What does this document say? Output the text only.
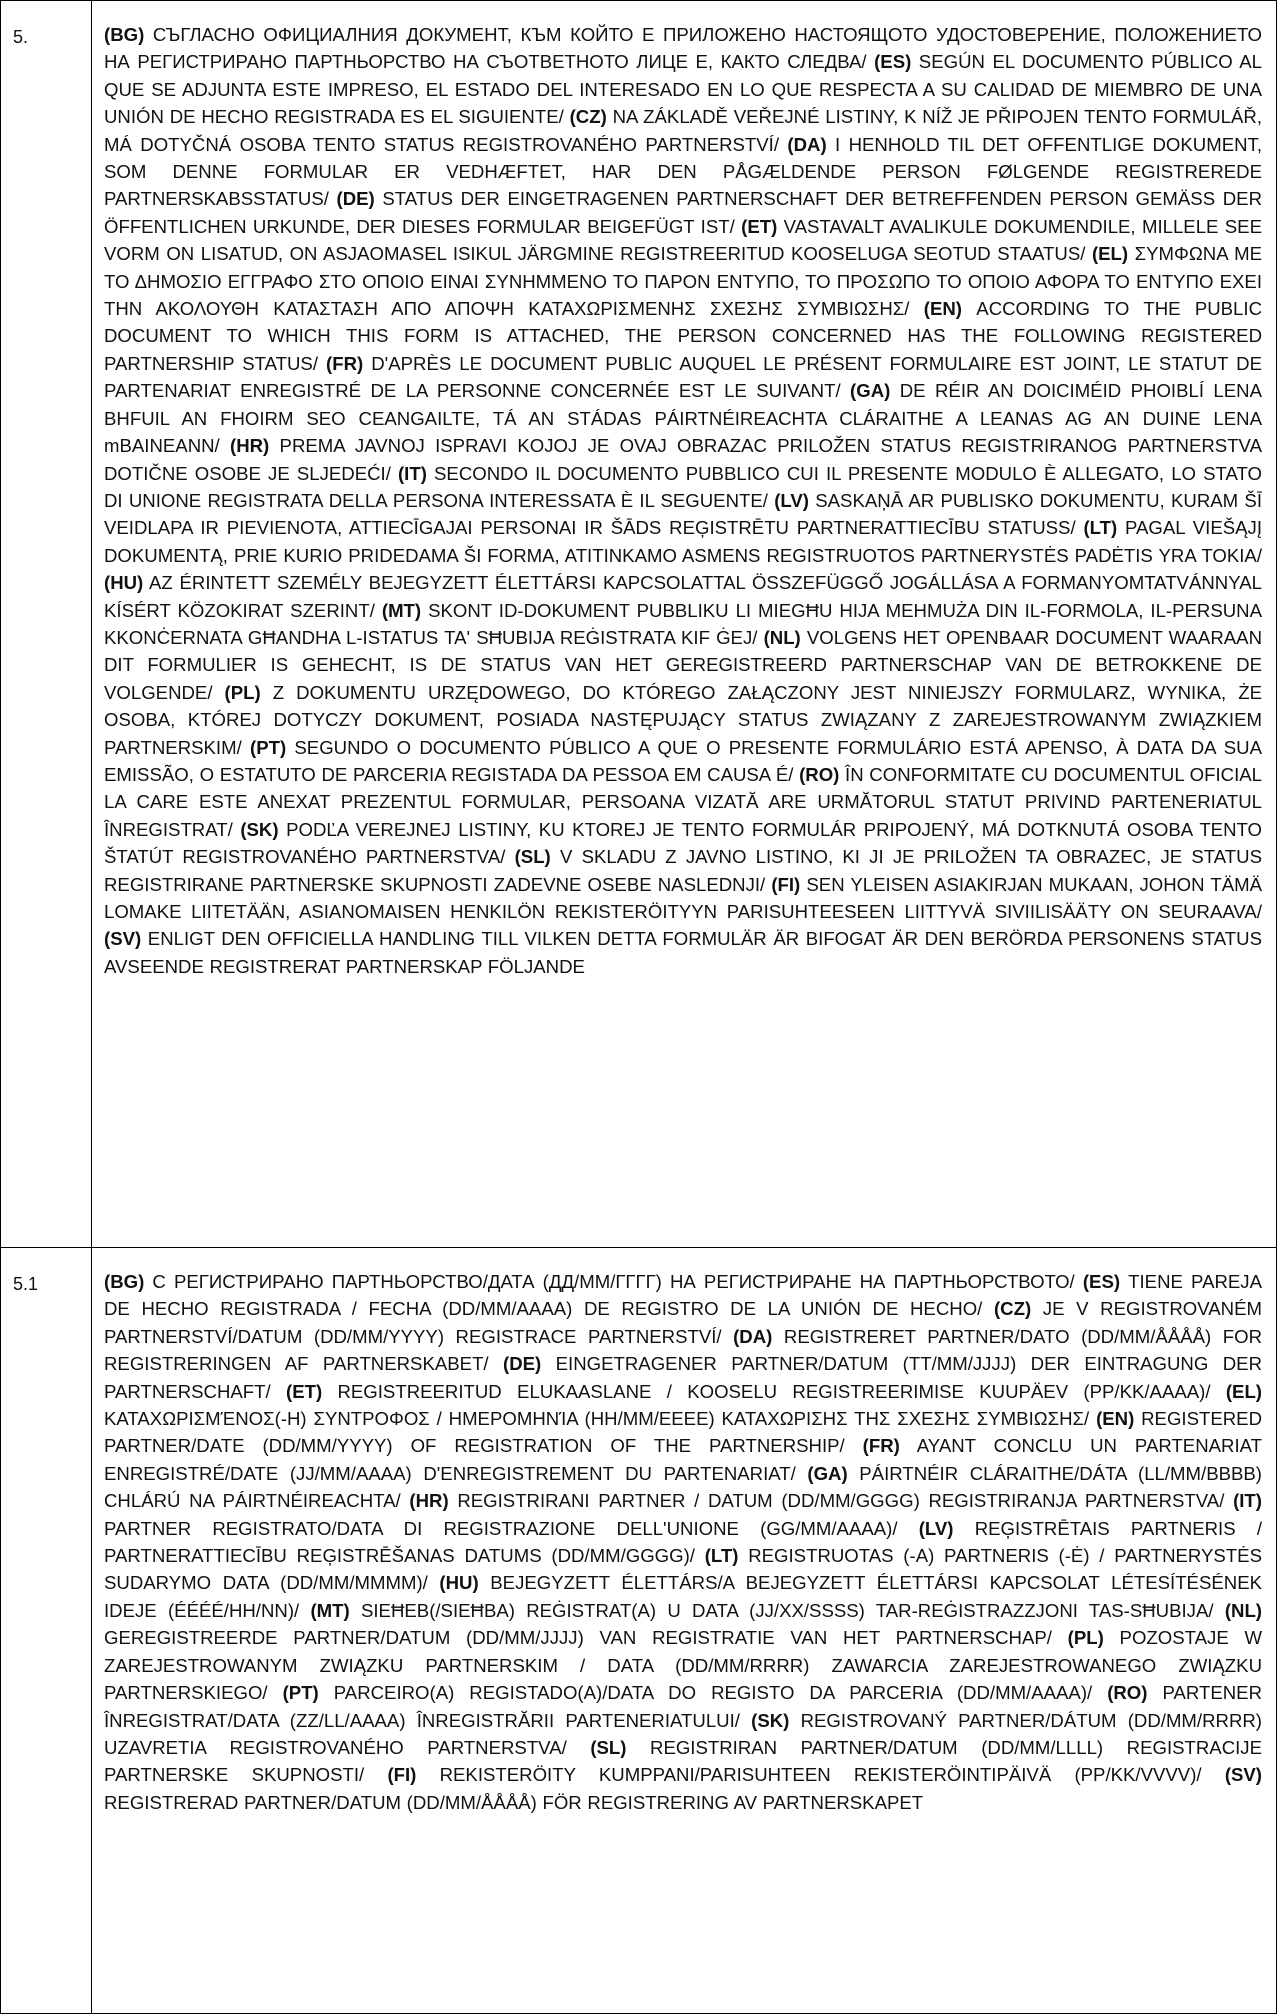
5.	(BG) СЪГЛАСНО ОФИЦИАЛНИЯ ДОКУМЕНТ, КЪМ КОЙТО Е ПРИЛОЖЕНО НАСТОЯЩОТО УДОСТОВЕРЕНИЕ, ПОЛОЖЕНИЕТО НА РЕГИСТРИРАНО ПАРТНЬОРСТВО НА СЪОТВЕТНОТО ЛИЦЕ Е, КАКТО СЛЕДВА/ (ES) SEGÚN EL DOCUMENTO PÚBLICO AL QUE SE ADJUNTA ESTE IMPRESO, EL ESTADO DEL INTERESADO EN LO QUE RESPECTA A SU CALIDAD DE MIEMBRO DE UNA UNIÓN DE HECHO REGISTRADA ES EL SIGUIENTE/ (CZ) NA ZÁKLADĚ VEŘEJNÉ LISTINY, K NÍŽ JE PŘIPOJEN TENTO FORMULÁŘ, MÁ DOTYČNÁ OSOBA TENTO STATUS REGISTROVANÉHO PARTNERSTVÍ/ (DA) I HENHOLD TIL DET OFFENTLIGE DOKUMENT, SOM DENNE FORMULAR ER VEDHÆFTET, HAR DEN PÅGÆLDENDE PERSON FØLGENDE REGISTREREDE PARTNERSKABSSTATUS/ (DE) STATUS DER EINGETRAGENEN PARTNERSCHAFT DER BETREFFENDEN PERSON GEMÄSS DER ÖFFENTLICHEN URKUNDE, DER DIESES FORMULAR BEIGEFÜGT IST/ (ET) VASTAVALT AVALIKULE DOKUMENDILE, MILLELE SEE VORM ON LISATUD, ON ASJAOMASEL ISIKUL JÄRGMINE REGISTREERITUD KOOSELUGA SEOTUD STAATUS/ (EL) ΣΥΜΦΩΝΑ ΜΕ ΤΟ ΔΗΜΟΣΙΟ ΕΓΓΡΑΦΟ ΣΤΟ ΟΠΟΙΟ ΕΙΝΑΙ ΣΥΝΗΜΜΕΝΟ ΤΟ ΠΑΡΟΝ ΕΝΤΥΠΟ, ΤΟ ΠΡΟΣΩΠΟ ΤΟ ΟΠΟΙΟ ΑΦΟΡΑ ΤΟ ΕΝΤΥΠΟ ΕΧΕΙ ΤΗΝ ΑΚΟΛΟΥΘΗ ΚΑΤΑΣΤΑΣΗ ΑΠΟ ΑΠΟΨΗ ΚΑΤΑΧΩΡΙΣΜΕΝΗΣ ΣΧΕΣΗΣ ΣΥΜΒΙΩΣΗΣ/ (EN) ACCORDING TO THE PUBLIC DOCUMENT TO WHICH THIS FORM IS ATTACHED, THE PERSON CONCERNED HAS THE FOLLOWING REGISTERED PARTNERSHIP STATUS/ (FR) D'APRÈS LE DOCUMENT PUBLIC AUQUEL LE PRÉSENT FORMULAIRE EST JOINT, LE STATUT DE PARTENARIAT ENREGISTRÉ DE LA PERSONNE CONCERNÉE EST LE SUIVANT/ (GA) DE RÉIR AN DOICIMÉID PHOIBLÍ LENA BHFUIL AN FHOIRM SEO CEANGAILTE, TÁ AN STÁDAS PÁIRTNÉIREACHTA CLÁRAITHE A LEANAS AG AN DUINE LENA mBAINEANN/ (HR) PREMA JAVNOJ ISPRAVI KOJOJ JE OVAJ OBRAZAC PRILOŽEN STATUS REGISTRIRANOG PARTNERSTVA DOTIČNE OSOBE JE SLJEDEĆI/ (IT) SECONDO IL DOCUMENTO PUBBLICO CUI IL PRESENTE MODULO È ALLEGATO, LO STATO DI UNIONE REGISTRATA DELLA PERSONA INTERESSATA È IL SEGUENTE/ (LV) SASKAŅĀ AR PUBLISKO DOKUMENTU, KURAM ŠĪ VEIDLAPA IR PIEVIENOTA, ATTIECĪGAJAI PERSONAI IR ŠĀDS REĢISTRĒTU PARTNERATTIECĪBU STATUSS/ (LT) PAGAL VIEŠĄJĮ DOKUMENTĄ, PRIE KURIO PRIDEDAMA ŠI FORMA, ATITINKAMO ASMENS REGISTRUOTOS PARTNERYSTĖS PADĖTIS YRA TOKIA/ (HU) AZ ÉRINTETT SZEMÉLY BEJEGYZETT ÉLETTÁRSI KAPCSOLATTAL ÖSSZEFÜGGŐ JOGÁLLÁSA A FORMANYOMTATVÁNNYAL KÍSÉRT KÖZOKIRAT SZERINT/ (MT) SKONT ID-DOKUMENT PUBBLIKU LI MIEGĦU HIJA MEHMUŻA DIN IL-FORMOLA, IL-PERSUNA KKONĊERNATA GĦANDHA L-ISTATUS TA' SĦUBIJA REĠISTRATA KIF ĠEJ/ (NL) VOLGENS HET OPENBAAR DOCUMENT WAARAAN DIT FORMULIER IS GEHECHT, IS DE STATUS VAN HET GEREGISTREERD PARTNERSCHAP VAN DE BETROKKENE DE VOLGENDE/ (PL) Z DOKUMENTU URZĘDOWEGO, DO KTÓREGO ZAŁĄCZONY JEST NINIEJSZY FORMULARZ, WYNIKA, ŻE OSOBA, KTÓREJ DOTYCZY DOKUMENT, POSIADA NASTĘPUJĄCY STATUS ZWIĄZANY Z ZAREJESTROWANYM ZWIĄZKIEM PARTNERSKIM/ (PT) SEGUNDO O DOCUMENTO PÚBLICO A QUE O PRESENTE FORMULÁRIO ESTÁ APENSO, À DATA DA SUA EMISSÃO, O ESTATUTO DE PARCERIA REGISTADA DA PESSOA EM CAUSA É/ (RO) ÎN CONFORMITATE CU DOCUMENTUL OFICIAL LA CARE ESTE ANEXAT PREZENTUL FORMULAR, PERSOANA VIZATĂ ARE URMĂTORUL STATUT PRIVIND PARTENERIATUL ÎNREGISTRAT/ (SK) PODĽA VEREJNEJ LISTINY, KU KTOREJ JE TENTO FORMULÁR PRIPOJENÝ, MÁ DOTKNUTÁ OSOBA TENTO ŠTATÚT REGISTROVANÉHO PARTNERSTVA/ (SL) V SKLADU Z JAVNO LISTINO, KI JI JE PRILOŽEN TA OBRAZEC, JE STATUS REGISTRIRANE PARTNERSKE SKUPNOSTI ZADEVNE OSEBE NASLEDNJI/ (FI) SEN YLEISEN ASIAKIRJAN MUKAAN, JOHON TÄMÄ LOMAKE LIITETÄÄN, ASIANOMAISEN HENKILÖN REKISTERÖITYYN PARISUHTEESEEN LIITTYVÄ SIVIILISÄÄTY ON SEURAAVA/ (SV) ENLIGT DEN OFFICIELLA HANDLING TILL VILKEN DETTA FORMULÄR ÄR BIFOGAT ÄR DEN BERÖRDA PERSONENS STATUS AVSEENDE REGISTRERAT PARTNERSKAP FÖLJANDE
5.1	(BG) С РЕГИСТРИРАНО ПАРТНЬОРСТВО/ДАТА (ДД/ММ/ГГГГ) НА РЕГИСТРИРАНЕ НА ПАРТНЬОРСТВОТО/ (ES) TIENE PAREJA DE HECHO REGISTRADA / FECHA (DD/MM/AAAA) DE REGISTRO DE LA UNIÓN DE HECHO/ (CZ) JE V REGISTROVANÉM PARTNERSTVÍ/DATUM (DD/MM/YYYY) REGISTRACE PARTNERSTVÍ/ (DA) REGISTRERET PARTNER/DATO (DD/MM/ÅÅÅÅ) FOR REGISTRERINGEN AF PARTNERSKABET/ (DE) EINGETRAGENER PARTNER/DATUM (TT/MM/JJJJ) DER EINTRAGUNG DER PARTNERSCHAFT/ (ET) REGISTREERITUD ELUKAASLANE / KOOSELU REGISTREERIMISE KUUPÄEV (PP/KK/AAAA)/ (EL) ΚΑΤΑΧΩΡΙΣΜΈΝΟΣ(-Η) ΣΥΝΤΡΟΦΟΣ / ΗΜΕΡΟΜΗΝΊΑ (ΗΗ/ΜΜ/ΕΕΕΕ) ΚΑΤΑΧΩΡΙΣΗΣ ΤΗΣ ΣΧΕΣΗΣ ΣΥΜΒΙΩΣΗΣ/ (EN) REGISTERED PARTNER/DATE (DD/MM/YYYY) OF REGISTRATION OF THE PARTNERSHIP/ (FR) AYANT CONCLU UN PARTENARIAT ENREGISTRÉ/DATE (JJ/MM/AAAA) D'ENREGISTREMENT DU PARTENARIAT/ (GA) PÁIRTNÉIR CLÁRAITHE/DÁTA (LL/MM/BBBB) CHLÁRÚ NA PÁIRTNÉIREACHTA/ (HR) REGISTRIRANI PARTNER / DATUM (DD/MM/GGGG) REGISTRIRANJA PARTNERSTVA/ (IT) PARTNER REGISTRATO/DATA DI REGISTRAZIONE DELL'UNIONE (GG/MM/AAAA)/ (LV) REĢISTRĒTAIS PARTNERIS / PARTNERATTIECĪBU REĢISTRĒŠANAS DATUMS (DD/MM/GGGG)/ (LT) REGISTRUOTAS (-A) PARTNERIS (-Ė) / PARTNERYSTĖS SUDARYMO DATA (DD/MM/MMMM)/ (HU) BEJEGYZETT ÉLETTÁRS/A BEJEGYZETT ÉLETTÁRSI KAPCSOLAT LÉTESÍTÉSÉNEK IDEJE (ÉÉÉÉ/HH/NN)/ (MT) SIEĦEB(/SIEĦBA) REĠISTRAT(A) U DATA (JJ/XX/SSSS) TAR-REĠISTRAZZJONI TAS-SĦUBIJA/ (NL) GEREGISTREERDE PARTNER/DATUM (DD/MM/JJJJ) VAN REGISTRATIE VAN HET PARTNERSCHAP/ (PL) POZOSTAJE W ZAREJESTROWANYM ZWIĄZKU PARTNERSKIM / DATA (DD/MM/RRRR) ZAWARCIA ZAREJESTROWANEGO ZWIĄZKU PARTNERSKIEGO/ (PT) PARCEIRO(A) REGISTADO(A)/DATA DO REGISTO DA PARCERIA (DD/MM/AAAA)/ (RO) PARTENER ÎNREGISTRAT/DATA (ZZ/LL/AAAA) ÎNREGISTRĂRII PARTENERIATULUI/ (SK) REGISTROVANÝ PARTNER/DÁTUM (DD/MM/RRRR) UZAVRETIA REGISTROVANÉHO PARTNERSTVA/ (SL) REGISTRIRAN PARTNER/DATUM (DD/MM/LLLL) REGISTRACIJE PARTNERSKE SKUPNOSTI/ (FI) REKISTERÖITY KUMPPANI/PARISUHTEEN REKISTERÖINTIPÄIVÄ (PP/KK/VVVV)/ (SV) REGISTRERAD PARTNER/DATUM (DD/MM/ÅÅÅÅ) FÖR REGISTRERING AV PARTNERSKAPET
